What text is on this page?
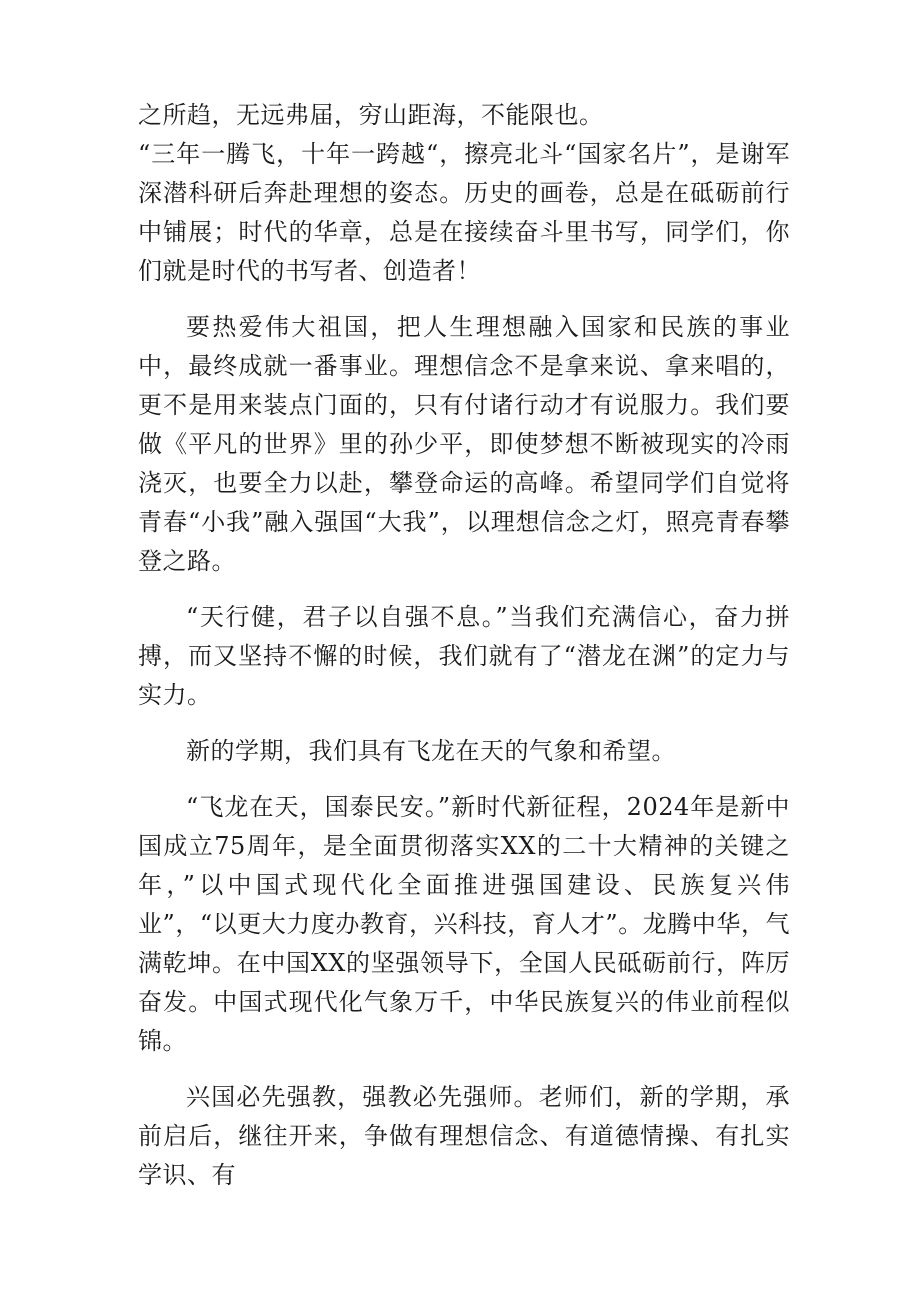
之所趋，无远弗届，穷山距海，不能限也。

“三年一腾飞，十年一跨越“，擦亮北斗“国家名片”，是谢军深潜科研后奔赴理想的姿态。历史的画卷，总是在砥砺前行中铺展；时代的华章，总是在接续奋斗里书写，同学们，你们就是时代的书写者、创造者！

要热爱伟大祖国，把人生理想融入国家和民族的事业中，最终成就一番事业。理想信念不是拿来说、拿来唱的，更不是用来装点门面的，只有付诸行动才有说服力。我们要做《平凡的世界》里的孙少平，即使梦想不断被现实的冷雨浇灭，也要全力以赴，攀登命运的高峰。希望同学们自觉将青春“小我”融入强国“大我”，以理想信念之灯，照亮青春攀登之路。

“天行健，君子以自强不息。”当我们充满信心，奋力拼搏，而又坚持不懈的时候，我们就有了“潜龙在渊”的定力与实力。

新的学期，我们具有飞龙在天的气象和希望。

“飞龙在天，国泰民安。”新时代新征程，2024年是新中国成立75周年，是全面贯彻落实XX的二十大精神的关键之年，”以中国式现代化全面推进强国建设、民族复兴伟业”，“以更大力度办教育，兴科技，育人才”。龙腾中华，气满乾坤。在中国XX的坚强领导下，全国人民砥砺前行，阵厉奋发。中国式现代化气象万千，中华民族复兴的伟业前程似锦。

兴国必先强教，强教必先强师。老师们，新的学期，承前启后，继往开来，争做有理想信念、有道德情操、有扎实学识、有
